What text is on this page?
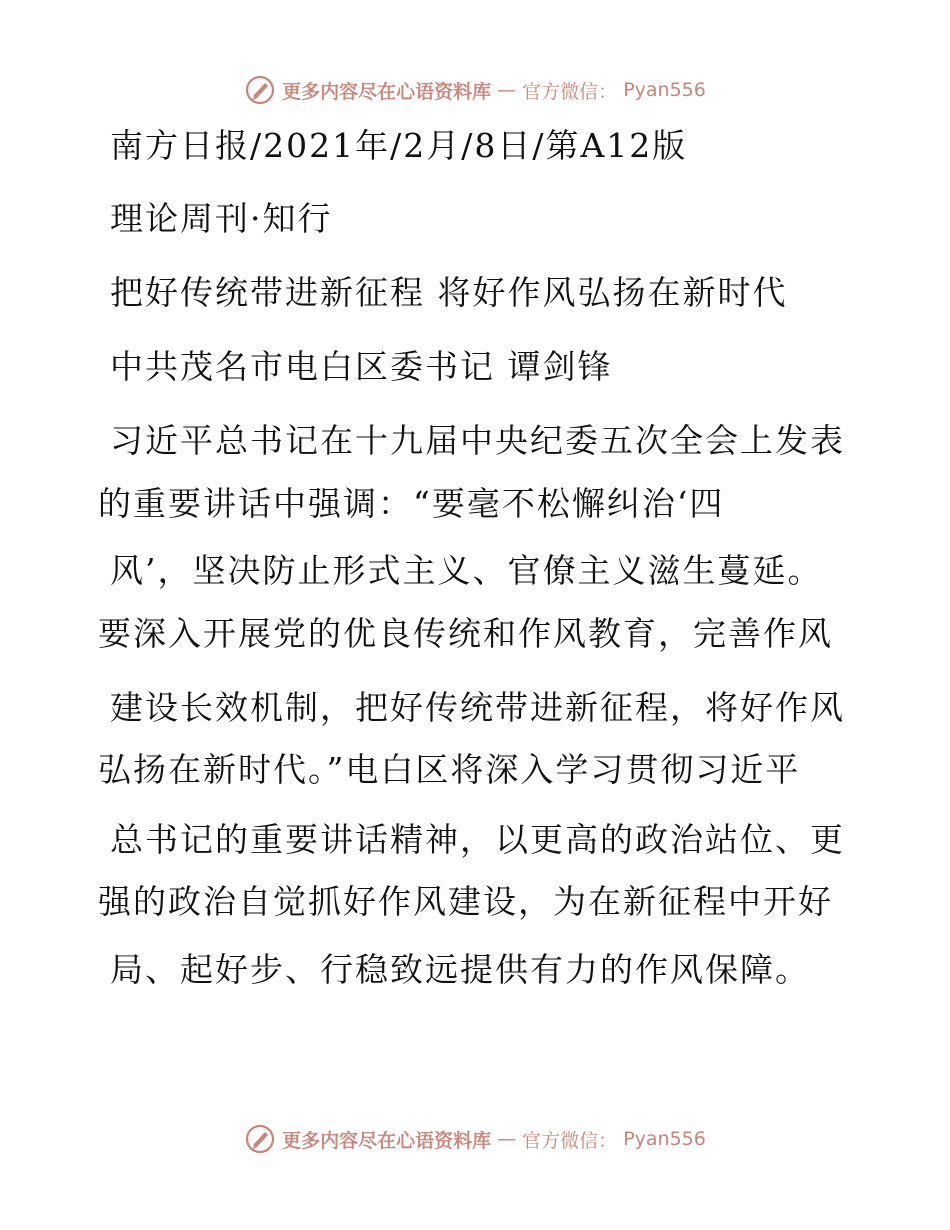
更多内容尽在心语资料库 — 官方微信： Pyan556
南方日报/2021年/2月/8日/第A12版
理论周刊·知行
把好传统带进新征程 将好作风弘扬在新时代
中共茂名市电白区委书记 谭剑锋
习近平总书记在十九届中央纪委五次全会上发表
的重要讲话中强调：“要毫不松懈纠治‘四
风’，坚决防止形式主义、官僚主义滋生蔓延。
要深入开展党的优良传统和作风教育，完善作风
建设长效机制，把好传统带进新征程，将好作风
弘扬在新时代。”电白区将深入学习贯彻习近平
总书记的重要讲话精神，以更高的政治站位、更
强的政治自觉抓好作风建设，为在新征程中开好
局、起好步、行稳致远提供有力的作风保障。
更多内容尽在心语资料库 — 官方微信： Pyan556
